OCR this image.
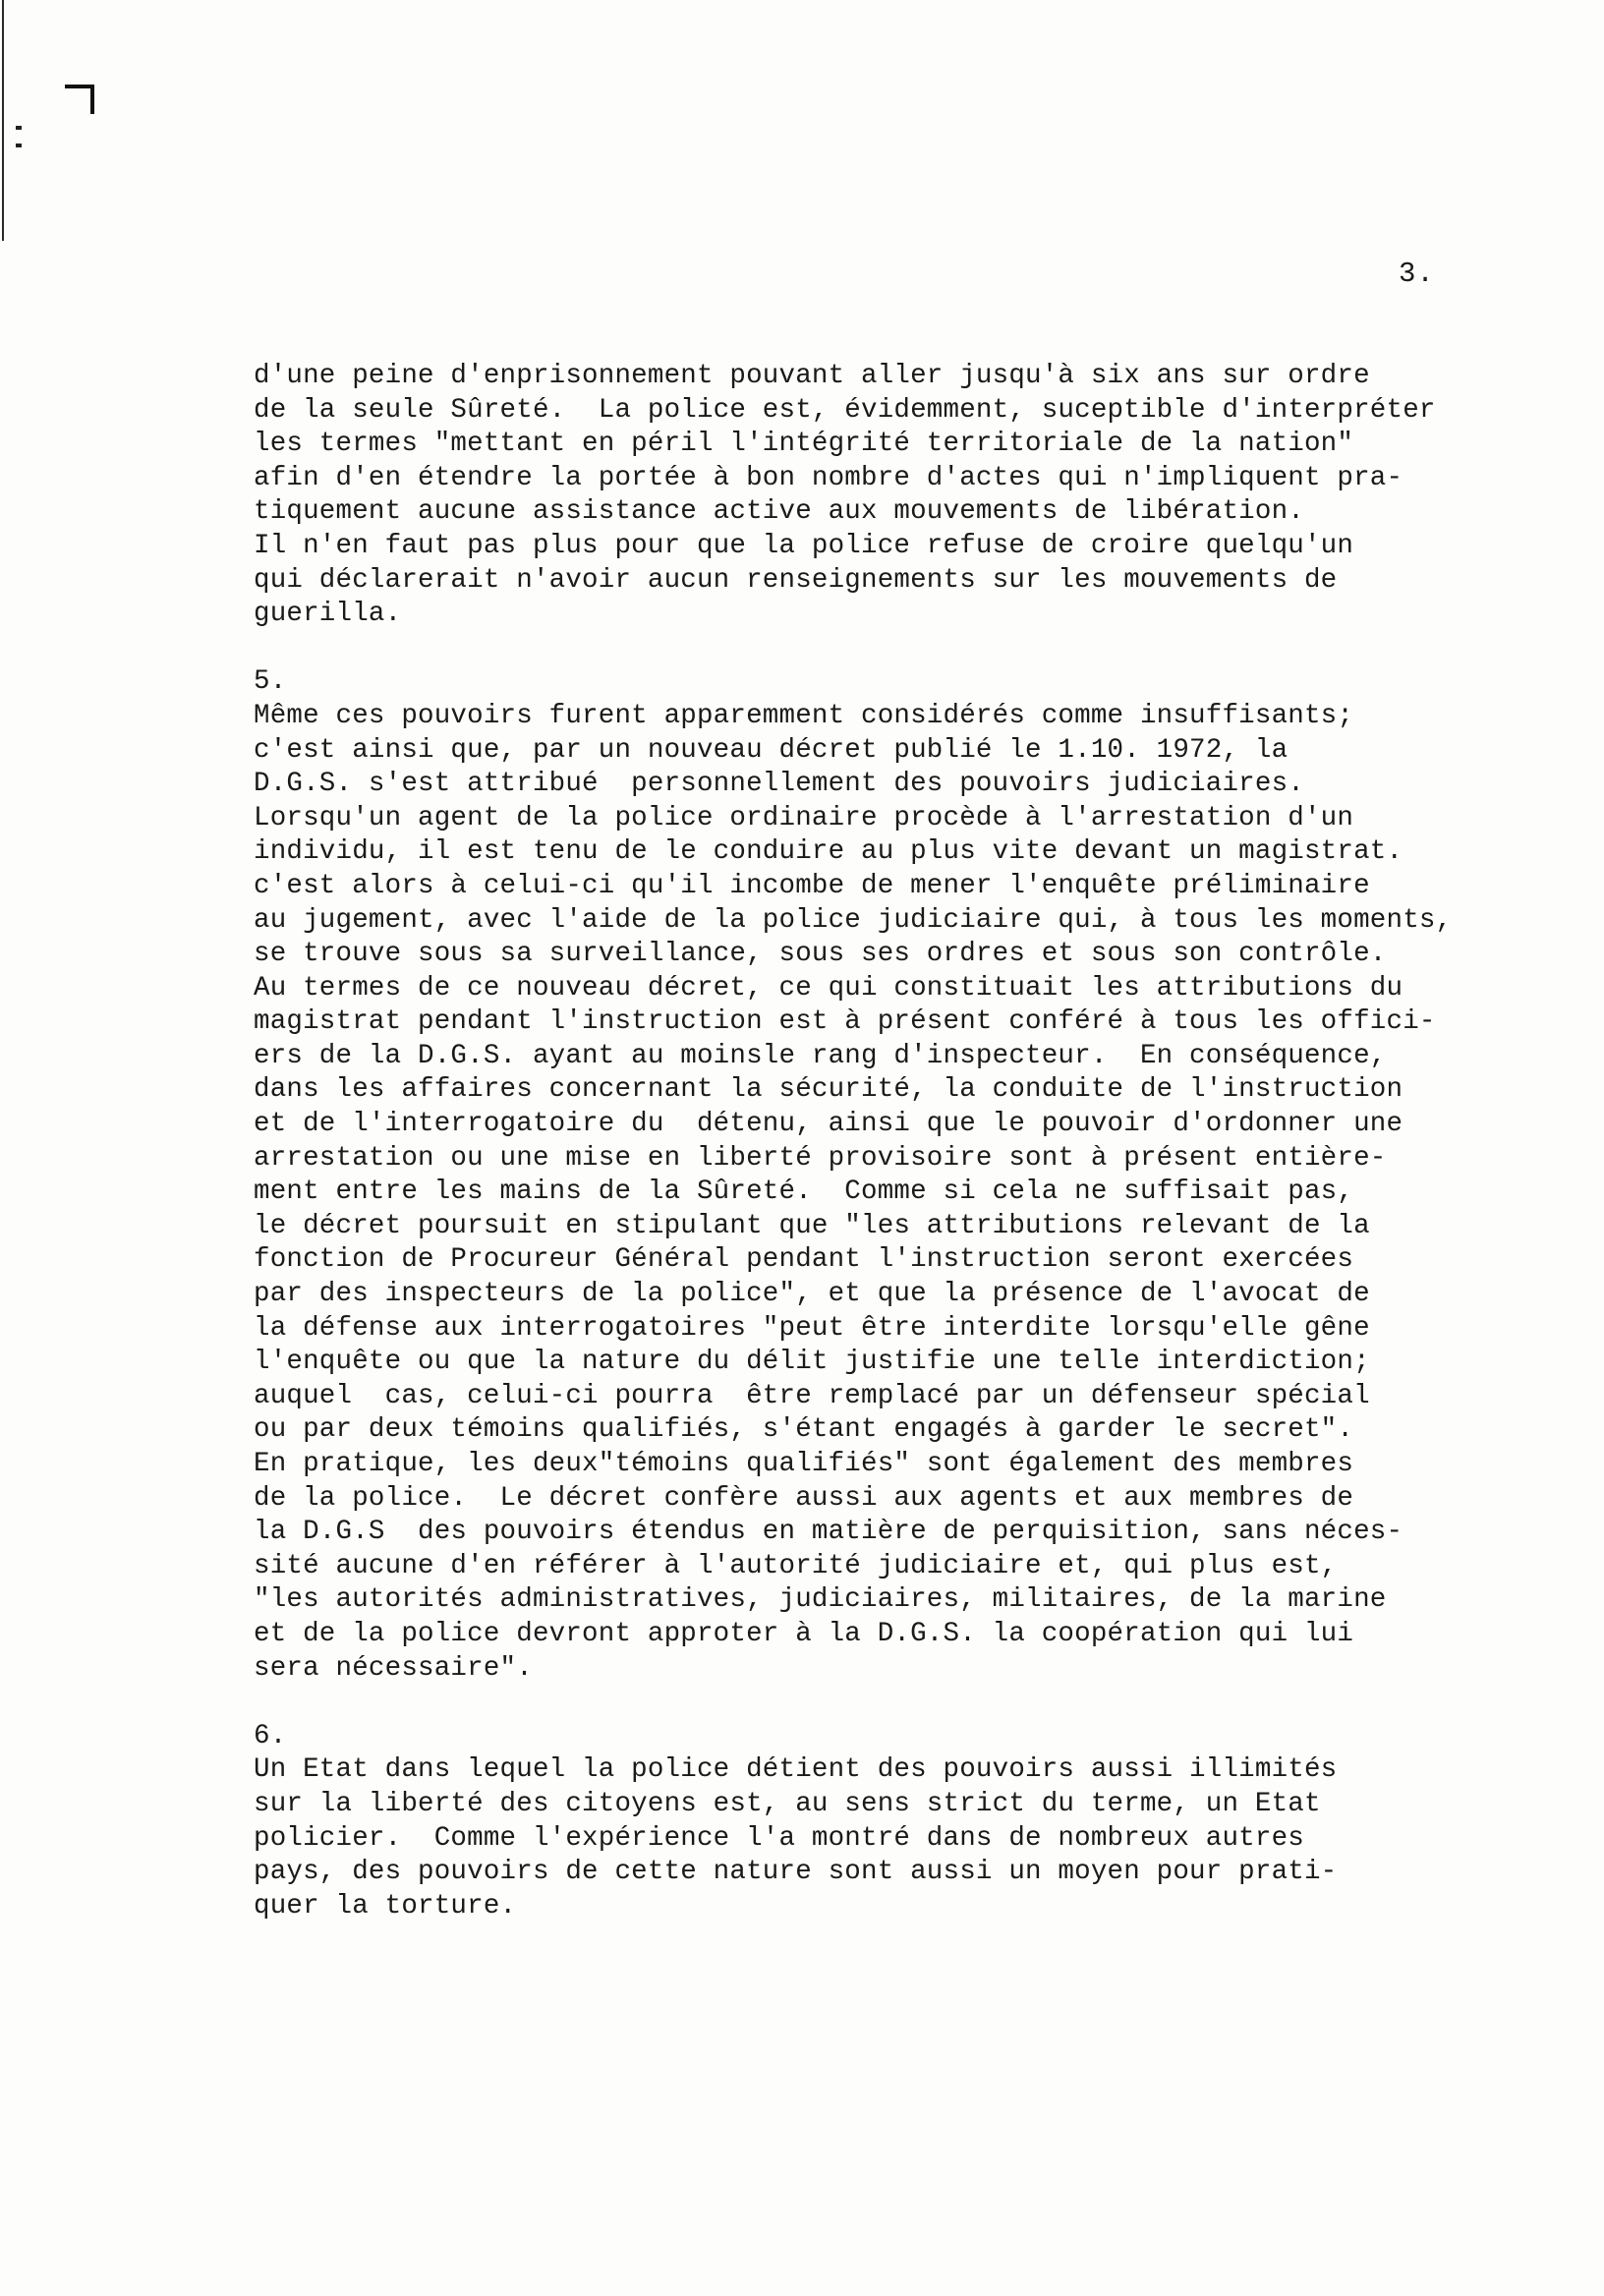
3.
d'une peine d'enprisonnement pouvant aller jusqu'à six ans sur ordre
de la seule Sûreté.  La police est, évidemment, suceptible d'interpréter
les termes "mettant en péril l'intégrité territoriale de la nation"
afin d'en étendre la portée à bon nombre d'actes qui n'impliquent pra-
tiquement aucune assistance active aux mouvements de libération.
Il n'en faut pas plus pour que la police refuse de croire quelqu'un
qui déclarerait n'avoir aucun renseignements sur les mouvements de
guerilla.
5.
Même ces pouvoirs furent apparemment considérés comme insuffisants;
c'est ainsi que, par un nouveau décret publié le 1.10. 1972, la
D.G.S. s'est attribué  personnellement des pouvoirs judiciaires.
Lorsqu'un agent de la police ordinaire procède à l'arrestation d'un
individu, il est tenu de le conduire au plus vite devant un magistrat.
c'est alors à celui-ci qu'il incombe de mener l'enquête préliminaire
au jugement, avec l'aide de la police judiciaire qui, à tous les moments,
se trouve sous sa surveillance, sous ses ordres et sous son contrôle.
Au termes de ce nouveau décret, ce qui constituait les attributions du
magistrat pendant l'instruction est à présent conféré à tous les offici-
ers de la D.G.S. ayant au moinsle rang d'inspecteur.  En conséquence,
dans les affaires concernant la sécurité, la conduite de l'instruction
et de l'interrogatoire du  détenu, ainsi que le pouvoir d'ordonner une
arrestation ou une mise en liberté provisoire sont à présent entière-
ment entre les mains de la Sûreté.  Comme si cela ne suffisait pas,
le décret poursuit en stipulant que "les attributions relevant de la
fonction de Procureur Général pendant l'instruction seront exercées
par des inspecteurs de la police", et que la présence de l'avocat de
la défense aux interrogatoires "peut être interdite lorsqu'elle gêne
l'enquête ou que la nature du délit justifie une telle interdiction;
auquel  cas, celui-ci pourra  être remplacé par un défenseur spécial
ou par deux témoins qualifiés, s'étant engagés à garder le secret".
En pratique, les deux"témoins qualifiés" sont également des membres
de la police.  Le décret confère aussi aux agents et aux membres de
la D.G.S  des pouvoirs étendus en matière de perquisition, sans néces-
sité aucune d'en référer à l'autorité judiciaire et, qui plus est,
"les autorités administratives, judiciaires, militaires, de la marine
et de la police devront approter à la D.G.S. la coopération qui lui
sera nécessaire".
6.
Un Etat dans lequel la police détient des pouvoirs aussi illimités
sur la liberté des citoyens est, au sens strict du terme, un Etat
policier.  Comme l'expérience l'a montré dans de nombreux autres
pays, des pouvoirs de cette nature sont aussi un moyen pour prati-
quer la torture.
